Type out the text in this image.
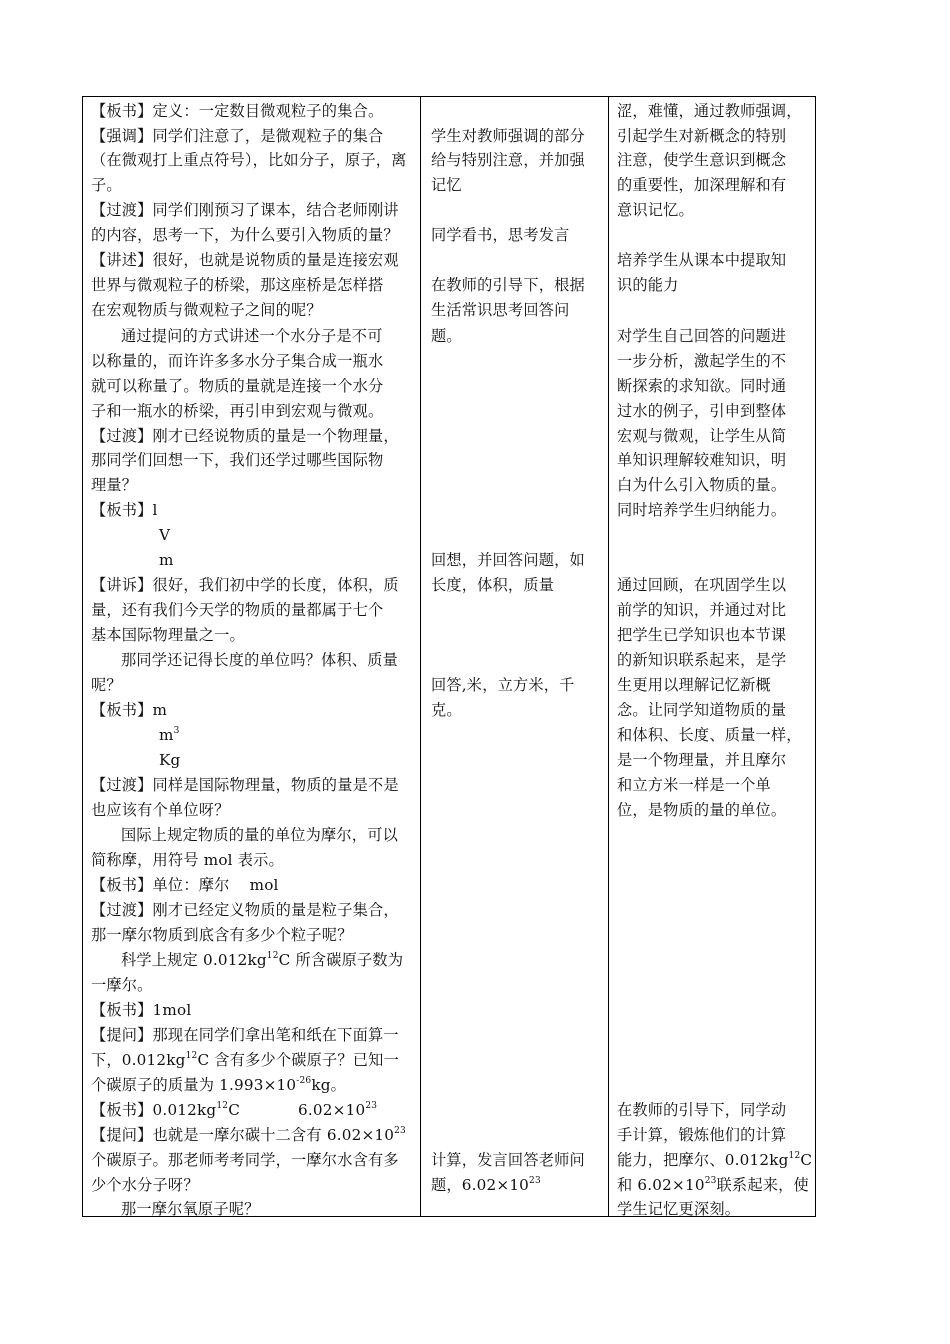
【板书】定义：一定数目微观粒子的集合。
【强调】同学们注意了，是微观粒子的集合
（在微观打上重点符号），比如分子，原子，离
子。
【过渡】同学们刚预习了课本，结合老师刚讲
的内容，思考一下，为什么要引入物质的量？
【讲述】很好，也就是说物质的量是连接宏观
世界与微观粒子的桥梁，那这座桥是怎样搭
在宏观物质与微观粒子之间的呢？
通过提问的方式讲述一个水分子是不可
以称量的，而许许多多水分子集合成一瓶水
就可以称量了。物质的量就是连接一个水分
子和一瓶水的桥梁，再引申到宏观与微观。
【过渡】刚才已经说物质的量是一个物理量，
那同学们回想一下，我们还学过哪些国际物
理量？
【板书】l
V
m
【讲诉】很好，我们初中学的长度，体积，质
量，还有我们今天学的物质的量都属于七个
基本国际物理量之一。
那同学还记得长度的单位吗？体积、质量
呢？
【板书】m
$m^3$
Kg
【过渡】同样是国际物理量，物质的量是不是
也应该有个单位呀？
国际上规定物质的量的单位为摩尔，可以
简称摩，用符号 mol 表示。
【板书】单位：摩尔    mol
【过渡】刚才已经定义物质的量是粒子集合，
那一摩尔物质到底含有多少个粒子呢？
科学上规定 $0.012kg^{12}C$ 所含碳原子数为
一摩尔。
【板书】1mol
【提问】那现在同学们拿出笔和纸在下面算一
下，$0.012kg^{12}C$ 含有多少个碳原子？已知一
个碳原子的质量为 $1.993\times 10^{-26}kg$。
【板书】$0.012kg^{12}C$	$6.02\times 10^{23}$
【提问】也就是一摩尔碳十二含有 $6.02\times 10^{23}$
个碳原子。那老师考考同学，一摩尔水含有多
少个水分子呀？
那一摩尔氧原子呢？
学生对教师强调的部分
给与特别注意，并加强
记忆
同学看书，思考发言
在教师的引导下，根据
生活常识思考回答问
题。
回想，并回答问题，如
长度，体积，质量
回答,米，立方米，千
克。
计算，发言回答老师问
题，$6.02\times 10^{23}$
涩，难懂，通过教师强调，
引起学生对新概念的特别
注意，使学生意识到概念
的重要性，加深理解和有
意识记忆。
培养学生从课本中提取知
识的能力
对学生自己回答的问题进
一步分析，激起学生的不
断探索的求知欲。同时通
过水的例子，引申到整体
宏观与微观，让学生从简
单知识理解较难知识，明
白为什么引入物质的量。
同时培养学生归纳能力。
通过回顾，在巩固学生以
前学的知识，并通过对比
把学生已学知识也本节课
的新知识联系起来，是学
生更用以理解记忆新概
念。让同学知道物质的量
和体积、长度、质量一样，
是一个物理量，并且摩尔
和立方米一样是一个单
位，是物质的量的单位。
在教师的引导下，同学动
手计算，锻炼他们的计算
能力，把摩尔、$0.012kg^{12}C$
和 $6.02\times 10^{23}$联系起来，使
学生记忆更深刻。
